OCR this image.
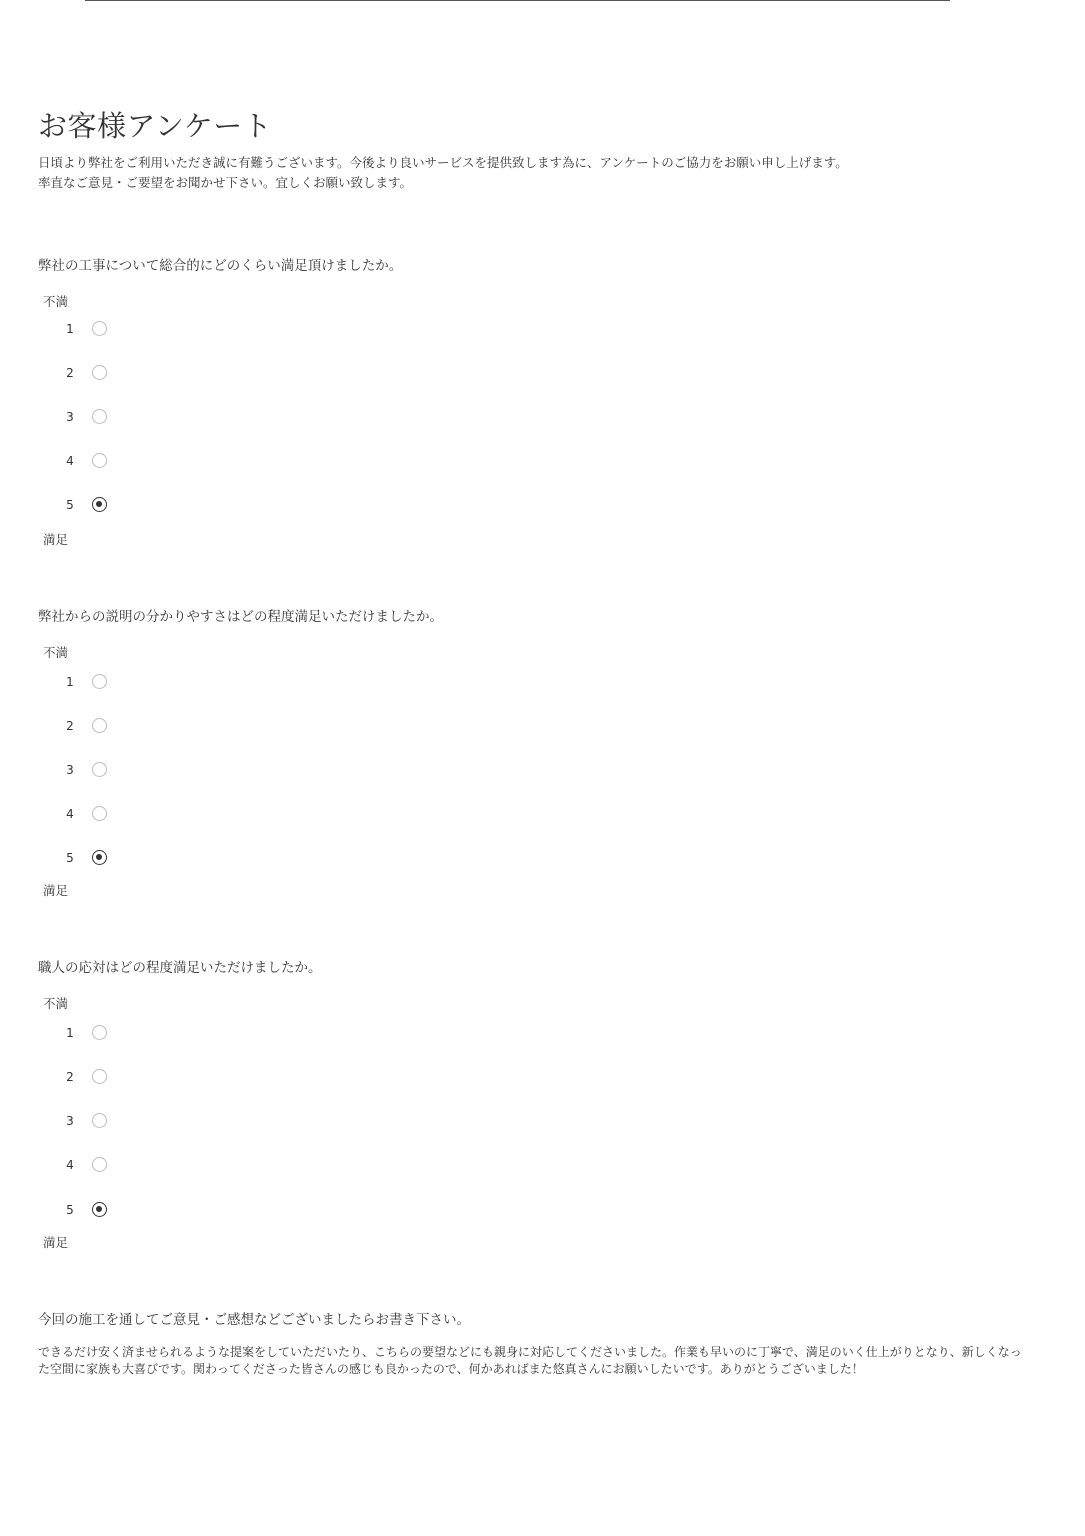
お客様アンケート

日頃より弊社をご利用いただき誠に有難うございます。今後より良いサービスを提供致します為に、アンケートのご協力をお願い申し上げます。

率直なご意見・ご要望をお聞かせ下さい。宜しくお願い致します。

弊社の工事について総合的にどのくらい満足頂けましたか。

不満
1
2
3
4
5
満足

弊社からの説明の分かりやすさはどの程度満足いただけましたか。

不満
1
2
3
4
5
満足

職人の応対はどの程度満足いただけましたか。

不満
1
2
3
4
5
満足

今回の施工を通してご意見・ご感想などございましたらお書き下さい。

できるだけ安く済ませられるような提案をしていただいたり、こちらの要望などにも親身に対応してくださいました。作業も早いのに丁寧で、満足のいく仕上がりとなり、新しくなった空間に家族も大喜びです。関わってくださった皆さんの感じも良かったので、何かあればまた悠真さんにお願いしたいです。ありがとうございました！
